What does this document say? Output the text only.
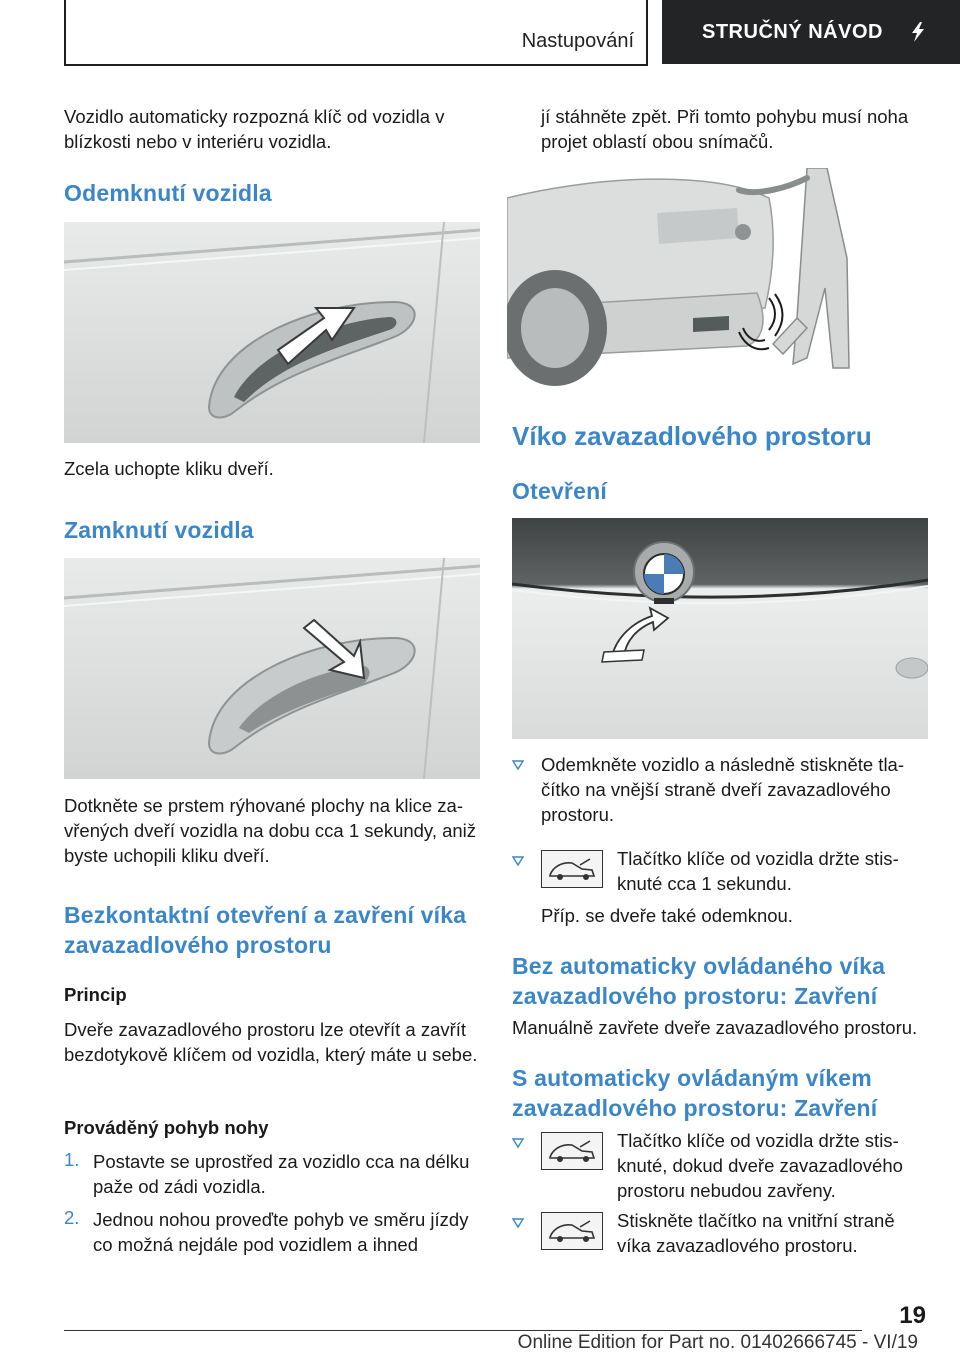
Nastupování	STRUČNÝ NÁVOD
Vozidlo automaticky rozpozná klíč od vozidla v blízkosti nebo v interiéru vozidla.
Odemknutí vozidla
Zcela uchopte kliku dveří.
Zamknutí vozidla
Dotkněte se prstem rýhované plochy na klice zavřených dveří vozidla na dobu cca 1 sekundy, aniž byste uchopili kliku dveří.
Bezkontaktní otevření a zavření víka zavazadlového prostoru
Princip
Dveře zavazadlového prostoru lze otevřít a zavřít bezdotykově klíčem od vozidla, který máte u sebe.
Prováděný pohyb nohy
1. Postavte se uprostřed za vozidlo cca na délku paže od zádi vozidla.
2. Jednou nohou proveďte pohyb ve směru jízdy co možná nejdále pod vozidlem a ihned
jí stáhněte zpět. Při tomto pohybu musí noha projet oblastí obou snímačů.
Víko zavazadlového prostoru
Otevření
Odemkněte vozidlo a následně stiskněte tlačítko na vnější straně dveří zavazadlového prostoru.
Tlačítko klíče od vozidla držte stisknuté cca 1 sekundu.
Příp. se dveře také odemknou.
Bez automaticky ovládaného víka zavazadlového prostoru: Zavření
Manuálně zavřete dveře zavazadlového prostoru.
S automaticky ovládaným víkem zavazadlového prostoru: Zavření
Tlačítko klíče od vozidla držte stisknuté, dokud dveře zavazadlového prostoru nebudou zavřeny.
Stiskněte tlačítko na vnitřní straně víka zavazadlového prostoru.
19
Online Edition for Part no. 01402666745 - VI/19
